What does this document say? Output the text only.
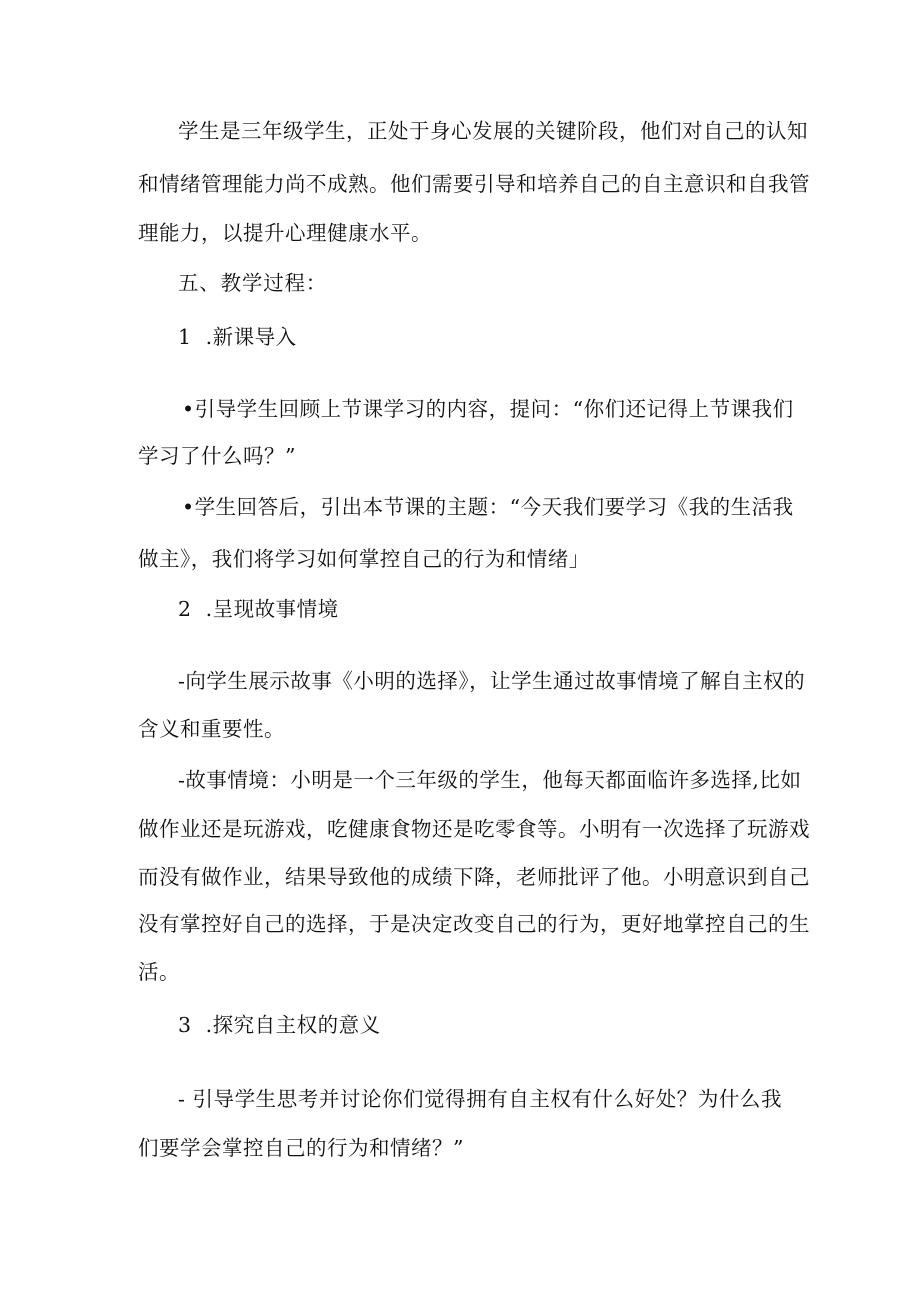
学生是三年级学生，正处于身心发展的关键阶段，他们对自己的认知
和情绪管理能力尚不成熟。他们需要引导和培养自己的自主意识和自我管
理能力，以提升心理健康水平。
五、教学过程：
1  .新课导入
•引导学生回顾上节课学习的内容，提问：“你们还记得上节课我们
学习了什么吗？”
•学生回答后，引出本节课的主题：“今天我们要学习《我的生活我
做主》，我们将学习如何掌控自己的行为和情绪」
2  .呈现故事情境
-向学生展示故事《小明的选择》，让学生通过故事情境了解自主权的
含义和重要性。
-故事情境：小明是一个三年级的学生，他每天都面临许多选择,比如
做作业还是玩游戏，吃健康食物还是吃零食等。小明有一次选择了玩游戏
而没有做作业，结果导致他的成绩下降，老师批评了他。小明意识到自己
没有掌控好自己的选择，于是决定改变自己的行为，更好地掌控自己的生
活。
3  .探究自主权的意义
- 引导学生思考并讨论你们觉得拥有自主权有什么好处？为什么我
们要学会掌控自己的行为和情绪？”
